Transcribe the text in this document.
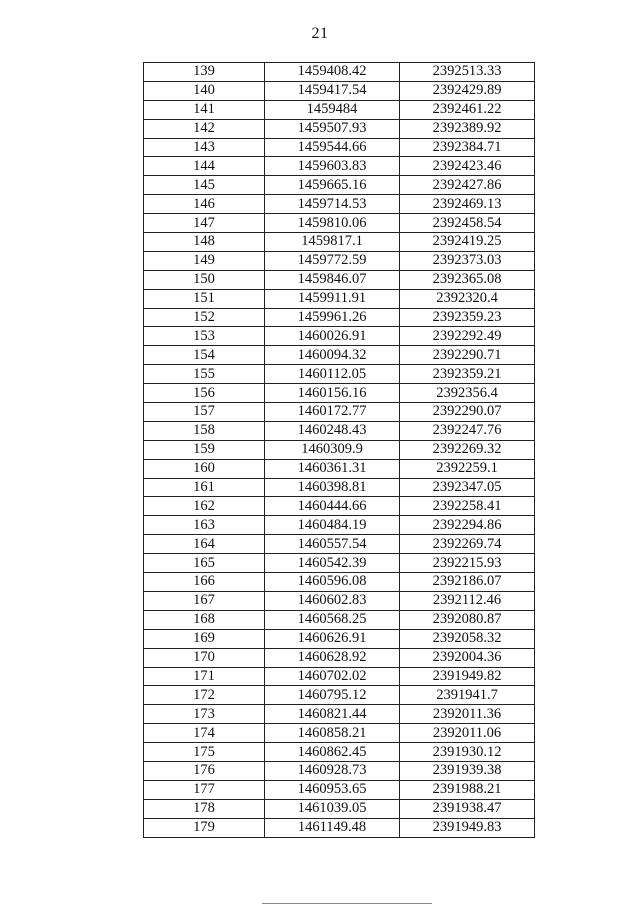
21
139	1459408.42	2392513.33
140	1459417.54	2392429.89
141	1459484	2392461.22
142	1459507.93	2392389.92
143	1459544.66	2392384.71
144	1459603.83	2392423.46
145	1459665.16	2392427.86
146	1459714.53	2392469.13
147	1459810.06	2392458.54
148	1459817.1	2392419.25
149	1459772.59	2392373.03
150	1459846.07	2392365.08
151	1459911.91	2392320.4
152	1459961.26	2392359.23
153	1460026.91	2392292.49
154	1460094.32	2392290.71
155	1460112.05	2392359.21
156	1460156.16	2392356.4
157	1460172.77	2392290.07
158	1460248.43	2392247.76
159	1460309.9	2392269.32
160	1460361.31	2392259.1
161	1460398.81	2392347.05
162	1460444.66	2392258.41
163	1460484.19	2392294.86
164	1460557.54	2392269.74
165	1460542.39	2392215.93
166	1460596.08	2392186.07
167	1460602.83	2392112.46
168	1460568.25	2392080.87
169	1460626.91	2392058.32
170	1460628.92	2392004.36
171	1460702.02	2391949.82
172	1460795.12	2391941.7
173	1460821.44	2392011.36
174	1460858.21	2392011.06
175	1460862.45	2391930.12
176	1460928.73	2391939.38
177	1460953.65	2391988.21
178	1461039.05	2391938.47
179	1461149.48	2391949.83
